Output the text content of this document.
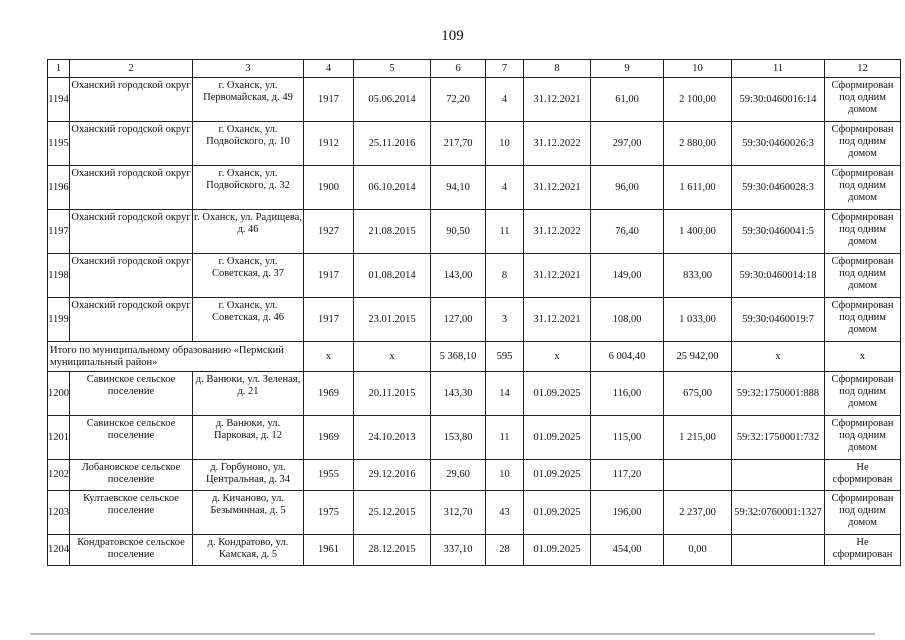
109
1	2	3	4	5	6	7	8	9	10	11	12
1194	Оханский городской округ	г. Оханск, ул. Первомайская, д. 49	1917	05.06.2014	72,20	4	31.12.2021	61,00	2 100,00	59:30:0460016:14	Сформирован под одним домом
1195	Оханский городской округ	г. Оханск, ул. Подвойского, д. 10	1912	25.11.2016	217,70	10	31.12.2022	297,00	2 880,00	59:30:0460026:3	Сформирован под одним домом
1196	Оханский городской округ	г. Оханск, ул. Подвойского, д. 32	1900	06.10.2014	94,10	4	31.12.2021	96,00	1 611,00	59:30:0460028:3	Сформирован под одним домом
1197	Оханский городской округ	г. Оханск, ул. Радищева, д. 46	1927	21.08.2015	90,50	11	31.12.2022	76,40	1 400,00	59:30:0460041:5	Сформирован под одним домом
1198	Оханский городской округ	г. Оханск, ул. Советская, д. 37	1917	01.08.2014	143,00	8	31.12.2021	149,00	833,00	59:30:0460014:18	Сформирован под одним домом
1199	Оханский городской округ	г. Оханск, ул. Советская, д. 46	1917	23.01.2015	127,00	3	31.12.2021	108,00	1 033,00	59:30:0460019:7	Сформирован под одним домом
Итого по муниципальному образованию «Пермский муниципальный район»			х	х	5 368,10	595	х	6 004,40	25 942,00	х	х
1200	Савинское сельское поселение	д. Ванюки, ул. Зеленая, д. 21	1969	20.11.2015	143,30	14	01.09.2025	116,00	675,00	59:32:1750001:888	Сформирован под одним домом
1201	Савинское сельское поселение	д. Ванюки, ул. Парковая, д. 12	1969	24.10.2013	153,80	11	01.09.2025	115,00	1 215,00	59:32:1750001:732	Сформирован под одним домом
1202	Лобановское сельское поселение	д. Горбуново, ул. Центральная, д. 34	1955	29.12.2016	29,60	10	01.09.2025	117,20			Не сформирован
1203	Култаевское сельское поселение	д. Кичаново, ул. Безымянная, д. 5	1975	25.12.2015	312,70	43	01.09.2025	196,00	2 237,00	59:32:0760001:1327	Сформирован под одним домом
1204	Кондратовское сельское поселение	д. Кондратово, ул. Камская, д. 5	1961	28.12.2015	337,10	28	01.09.2025	454,00	0,00		Не сформирован
